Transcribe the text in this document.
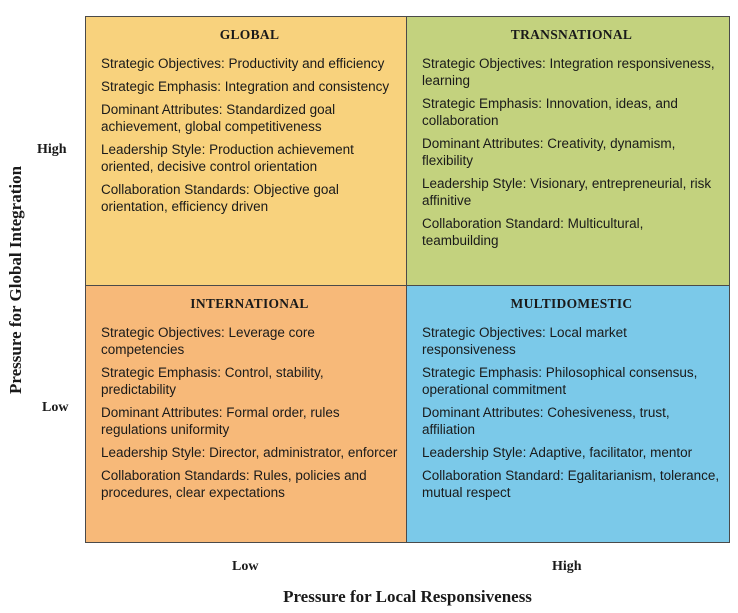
Pressure for Global Integration
High
Low
GLOBAL
Strategic Objectives: Productivity and efficiency
Strategic Emphasis: Integration and consistency
Dominant Attributes: Standardized goal achievement, global competitiveness
Leadership Style: Production achievement oriented, decisive control orientation
Collaboration Standards: Objective goal orientation, efficiency driven
TRANSNATIONAL
Strategic Objectives: Integration responsiveness, learning
Strategic Emphasis: Innovation, ideas, and collaboration
Dominant Attributes: Creativity, dynamism, flexibility
Leadership Style: Visionary, entrepreneurial, risk affinitive
Collaboration Standard: Multicultural, teambuilding
INTERNATIONAL
Strategic Objectives: Leverage core competencies
Strategic Emphasis: Control, stability, predictability
Dominant Attributes: Formal order, rules regulations uniformity
Leadership Style: Director, administrator, enforcer
Collaboration Standards: Rules, policies and procedures, clear expectations
MULTIDOMESTIC
Strategic Objectives: Local market responsiveness
Strategic Emphasis: Philosophical consensus, operational commitment
Dominant Attributes: Cohesiveness, trust, affiliation
Leadership Style: Adaptive, facilitator, mentor
Collaboration Standard: Egalitarianism, tolerance, mutual respect
Low	High
Pressure for Local Responsiveness
